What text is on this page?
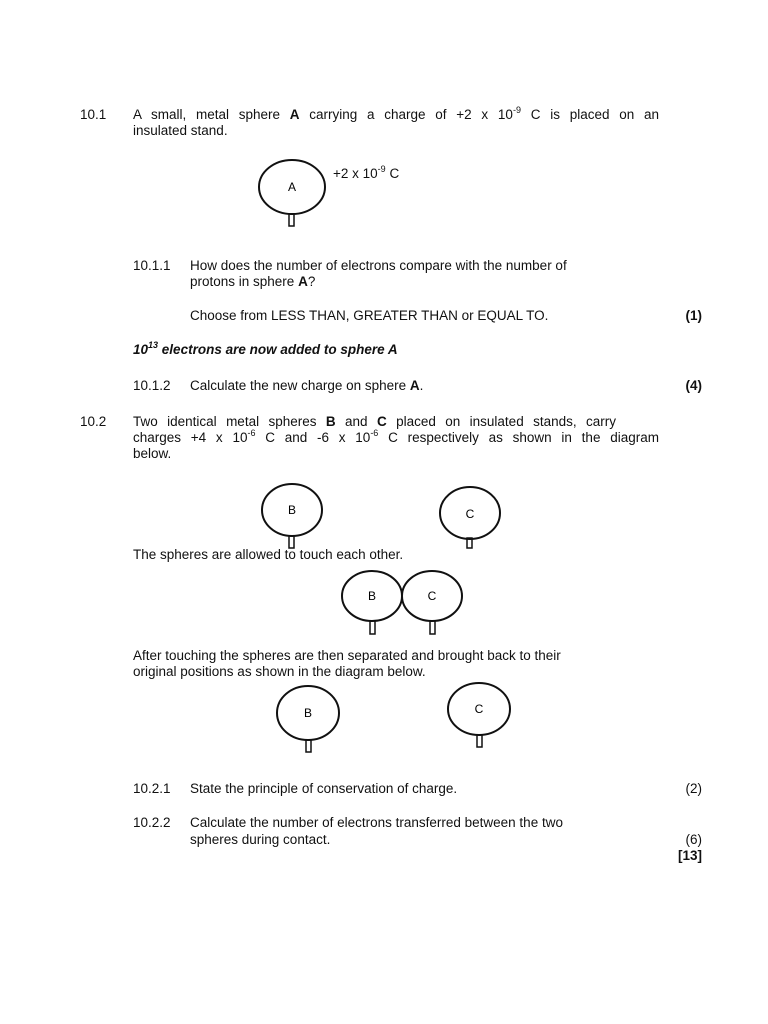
10.1 A small, metal sphere A carrying a charge of +2 x $10^{-9}$ C is placed on an
insulated stand.
A
+2 x $10^{-9}$ C
10.1.1 How does the number of electrons compare with the number of
protons in sphere A?
Choose from LESS THAN, GREATER THAN or EQUAL TO.	(1)
$10^{13}$ electrons are now added to sphere A
10.1.2 Calculate the new charge on sphere A.	(4)
10.2 Two identical metal spheres B and C placed on insulated stands, carry
charges +4 x $10^{-6}$ C and -6 x $10^{-6}$ C respectively as shown in the diagram
below.
B	C
The spheres are allowed to touch each other.
B	C
After touching the spheres are then separated and brought back to their
original positions as shown in the diagram below.
B	C
10.2.1 State the principle of conservation of charge.	(2)
10.2.2 Calculate the number of electrons transferred between the two
spheres during contact.	(6)
[13]
